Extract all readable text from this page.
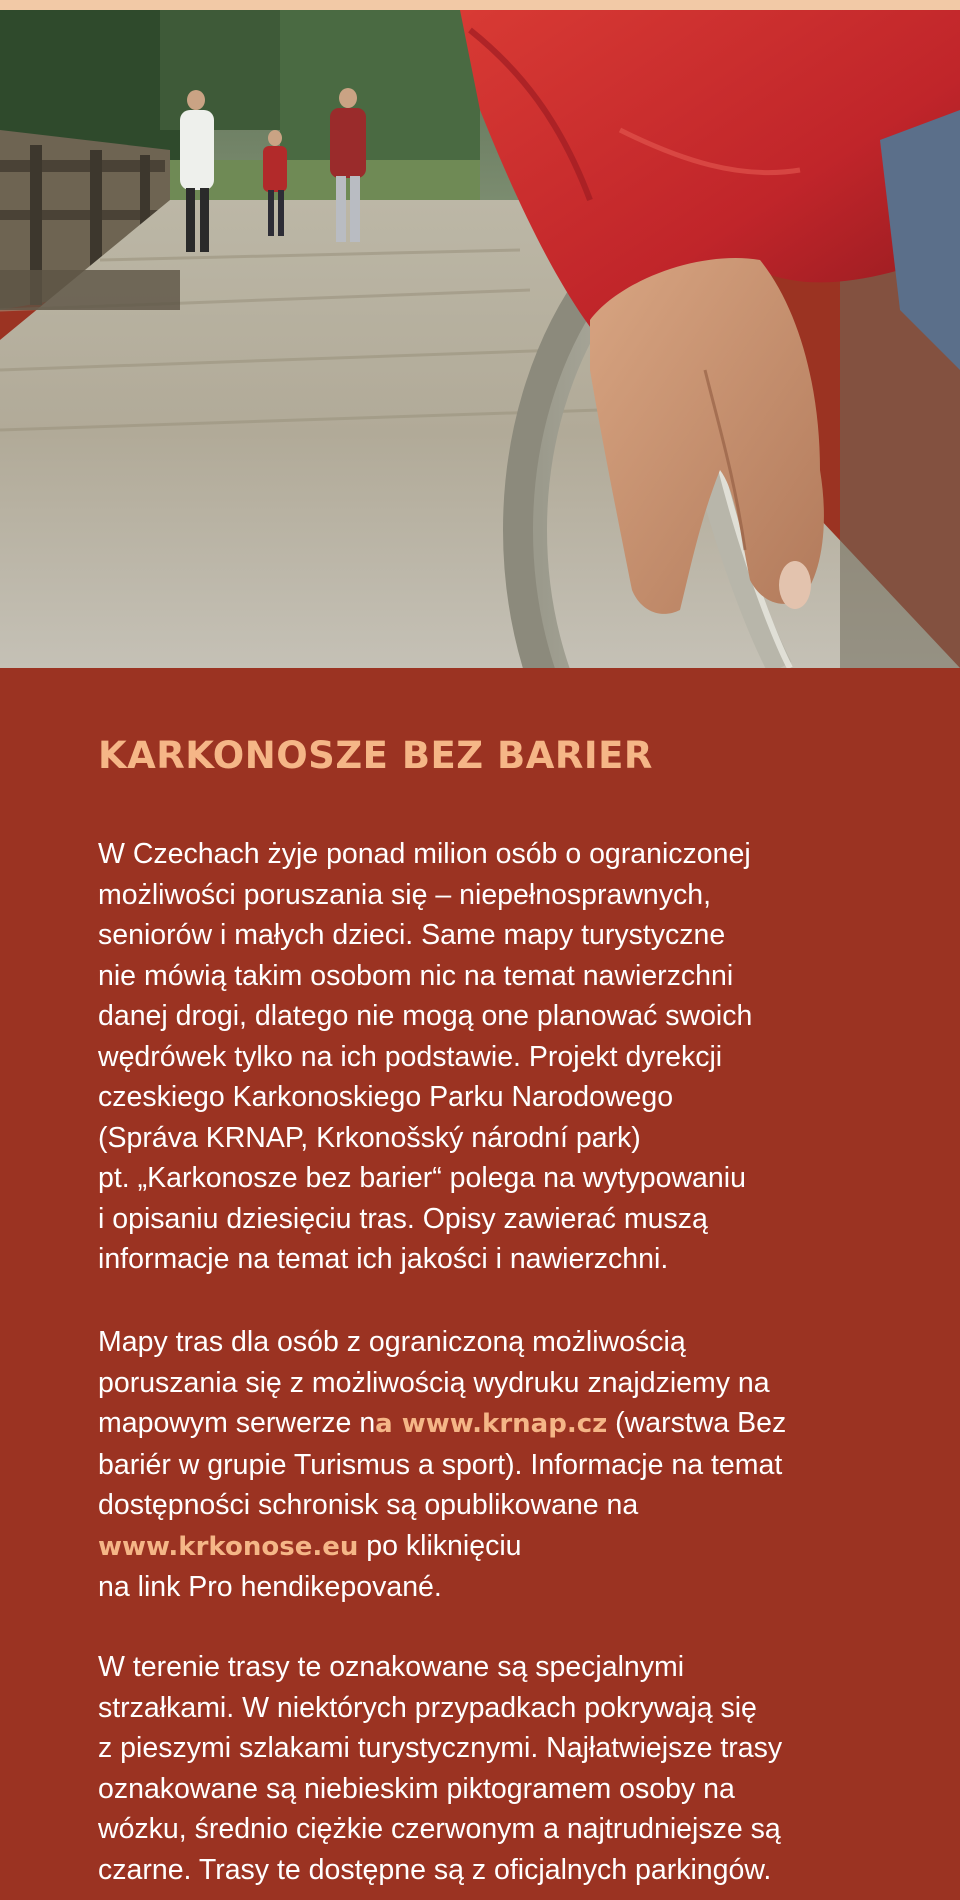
KARKONOSZE BEZ BARIER
W Czechach żyje ponad milion osób o ograniczonej
możliwości poruszania się – niepełnosprawnych,
seniorów i małych dzieci. Same mapy turystyczne
nie mówią takim osobom nic na temat nawierzchni
danej drogi, dlatego nie mogą one planować swoich
wędrówek tylko na ich podstawie. Projekt dyrekcji
czeskiego Karkonoskiego Parku Narodowego
(Správa KRNAP, Krkonošský národní park)
pt. „Karkonosze bez barier“ polega na wytypowaniu
i opisaniu dziesięciu tras. Opisy zawierać muszą
informacje na temat ich jakości i nawierzchni.
Mapy tras dla osób z ograniczoną możliwością
poruszania się z możliwością wydruku znajdziemy na
mapowym serwerze na www.krnap.cz (warstwa Bez
bariér w grupie Turismus a sport). Informacje na temat
dostępności schronisk są opublikowane na
www.krkonose.eu po kliknięciu
na link Pro hendikepované.
W terenie trasy te oznakowane są specjalnymi
strzałkami. W niektórych przypadkach pokrywają się
z pieszymi szlakami turystycznymi. Najłatwiejsze trasy
oznakowane są niebieskim piktogramem osoby na
wózku, średnio ciężkie czerwonym a najtrudniejsze są
czarne. Trasy te dostępne są z oficjalnych parkingów.
